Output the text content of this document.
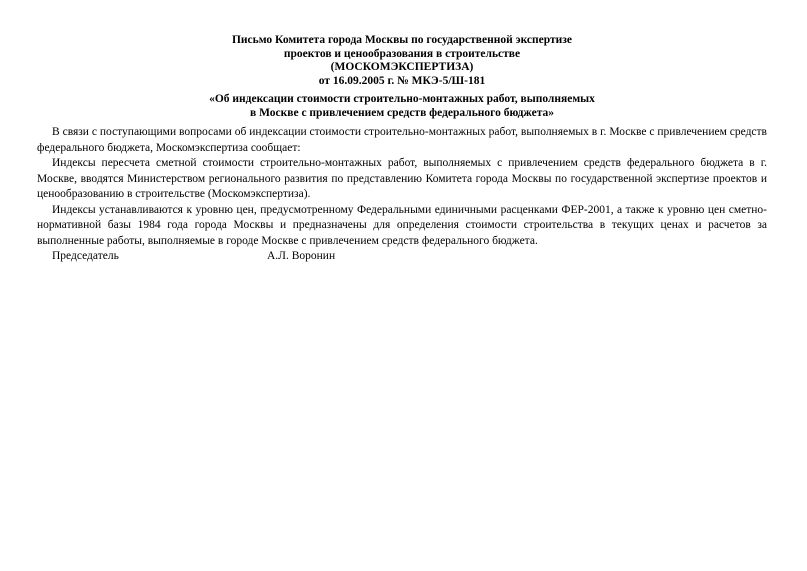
Письмо Комитета города Москвы по государственной экспертизе
проектов и ценообразования в строительстве
(МОСКОМЭКСПЕРТИЗА)
от 16.09.2005 г. № МКЭ-5/Ш-181
«Об индексации стоимости строительно-монтажных работ, выполняемых
в Москве с привлечением средств федерального бюджета»

В связи с поступающими вопросами об индексации стоимости строительно-монтажных работ, выполняемых в г. Москве с привлечением средств федерального бюджета, Москомэкспертиза сообщает:

Индексы пересчета сметной стоимости строительно-монтажных работ, выполняемых с привлечением средств федерального бюджета в г. Москве, вводятся Министерством регионального развития по представлению Комитета города Москвы по государственной экспертизе проектов и ценообразованию в строительстве (Москомэкспертиза).

Индексы устанавливаются к уровню цен, предусмотренному Федеральными единичными расценками ФЕР-2001, а также к уровню цен сметно-нормативной базы 1984 года города Москвы и предназначены для определения стоимости строительства в текущих ценах и расчетов за выполненные работы, выполняемые в городе Москве с привлечением средств федерального бюджета.

Председатель	А.Л. Воронин
